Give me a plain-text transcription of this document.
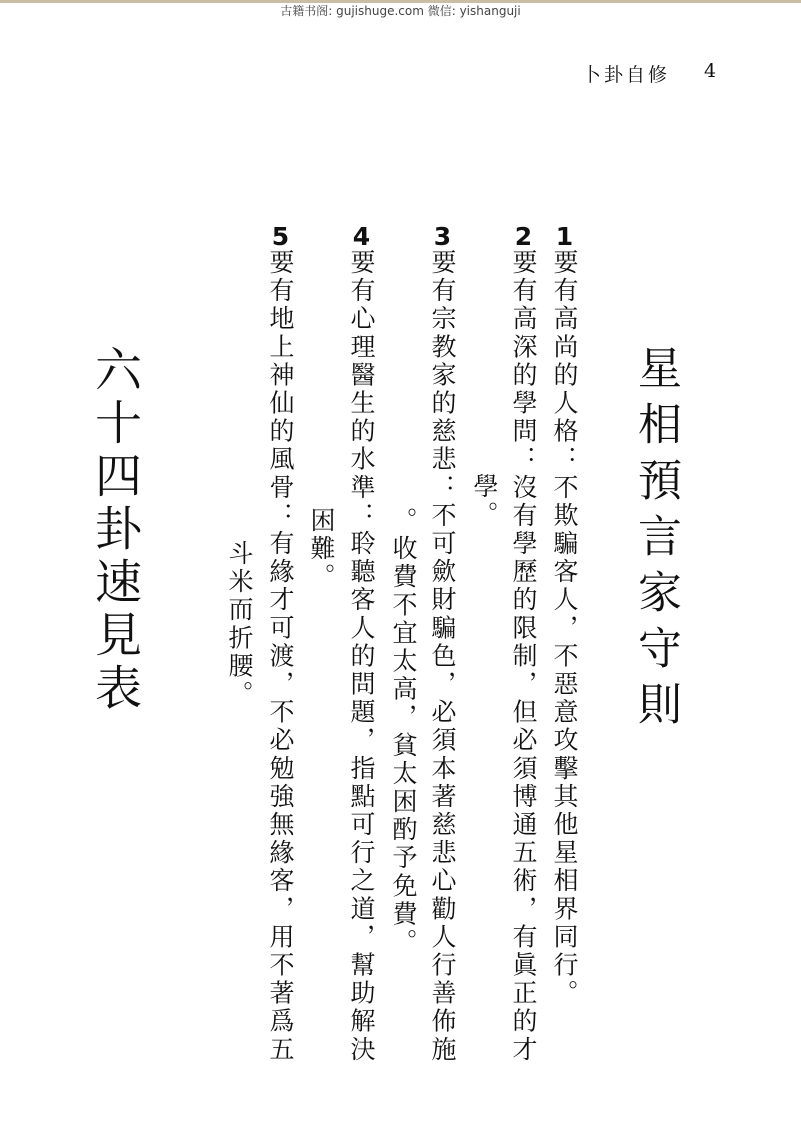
古籍书阁: gujishuge.com 微信: yishanguji
卜卦自修 4
星相預言家守則
1要有高尚的人格：不欺騙客人，不惡意攻擊其他星相界同行。
2要有高深的學問：沒有學歷的限制，但必須博通五術，有眞正的才
學。
3要有宗教家的慈悲：不可歛財騙色，必須本著慈悲心勸人行善佈施
。收費不宜太高，貧太困酌予免費。
4要有心理醫生的水準：聆聽客人的問題，指點可行之道，幫助解決
困難。
5要有地上神仙的風骨：有緣才可渡，不必勉強無緣客，用不著爲五
斗米而折腰。
六十四卦速見表
